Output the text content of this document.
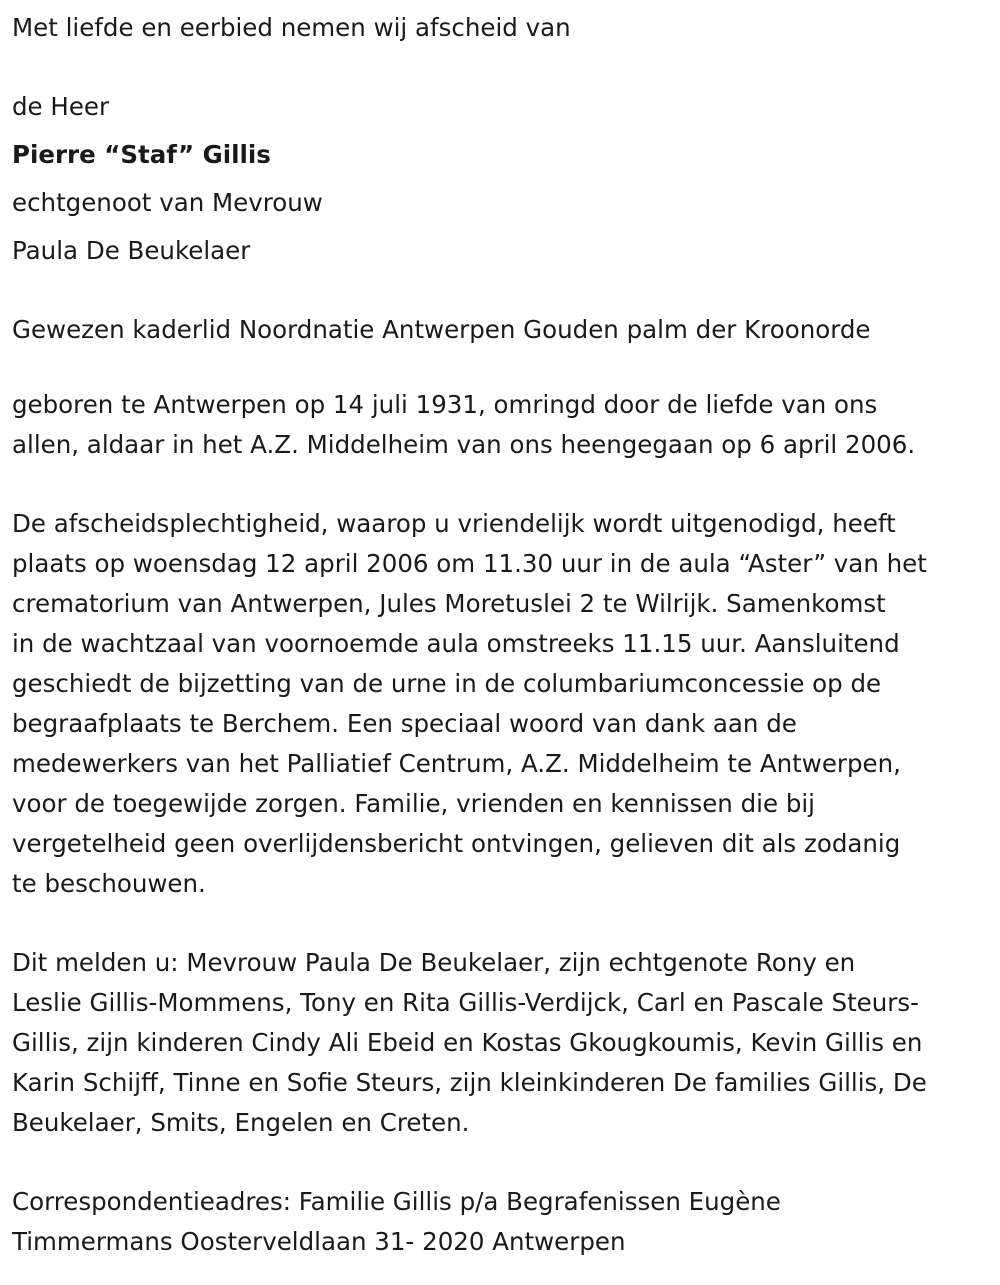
Met liefde en eerbied nemen wij afscheid van
de Heer
Pierre “Staf” Gillis
echtgenoot van Mevrouw
Paula De Beukelaer
Gewezen kaderlid Noordnatie Antwerpen Gouden palm der Kroonorde
geboren te Antwerpen op 14 juli 1931, omringd door de liefde van ons
allen, aldaar in het A.Z. Middelheim van ons heengegaan op 6 april 2006.
De afscheidsplechtigheid, waarop u vriendelijk wordt uitgenodigd, heeft
plaats op woensdag 12 april 2006 om 11.30 uur in de aula “Aster” van het
crematorium van Antwerpen, Jules Moretuslei 2 te Wilrijk. Samenkomst
in de wachtzaal van voornoemde aula omstreeks 11.15 uur. Aansluitend
geschiedt de bijzetting van de urne in de columbariumconcessie op de
begraafplaats te Berchem. Een speciaal woord van dank aan de
medewerkers van het Palliatief Centrum, A.Z. Middelheim te Antwerpen,
voor de toegewijde zorgen. Familie, vrienden en kennissen die bij
vergetelheid geen overlijdensbericht ontvingen, gelieven dit als zodanig
te beschouwen.
Dit melden u: Mevrouw Paula De Beukelaer, zijn echtgenote Rony en
Leslie Gillis-Mommens, Tony en Rita Gillis-Verdijck, Carl en Pascale Steurs-
Gillis, zijn kinderen Cindy Ali Ebeid en Kostas Gkougkoumis, Kevin Gillis en
Karin Schijff, Tinne en Sofie Steurs, zijn kleinkinderen De families Gillis, De
Beukelaer, Smits, Engelen en Creten.
Correspondentieadres: Familie Gillis p/a Begrafenissen Eugène
Timmermans Oosterveldlaan 31- 2020 Antwerpen
